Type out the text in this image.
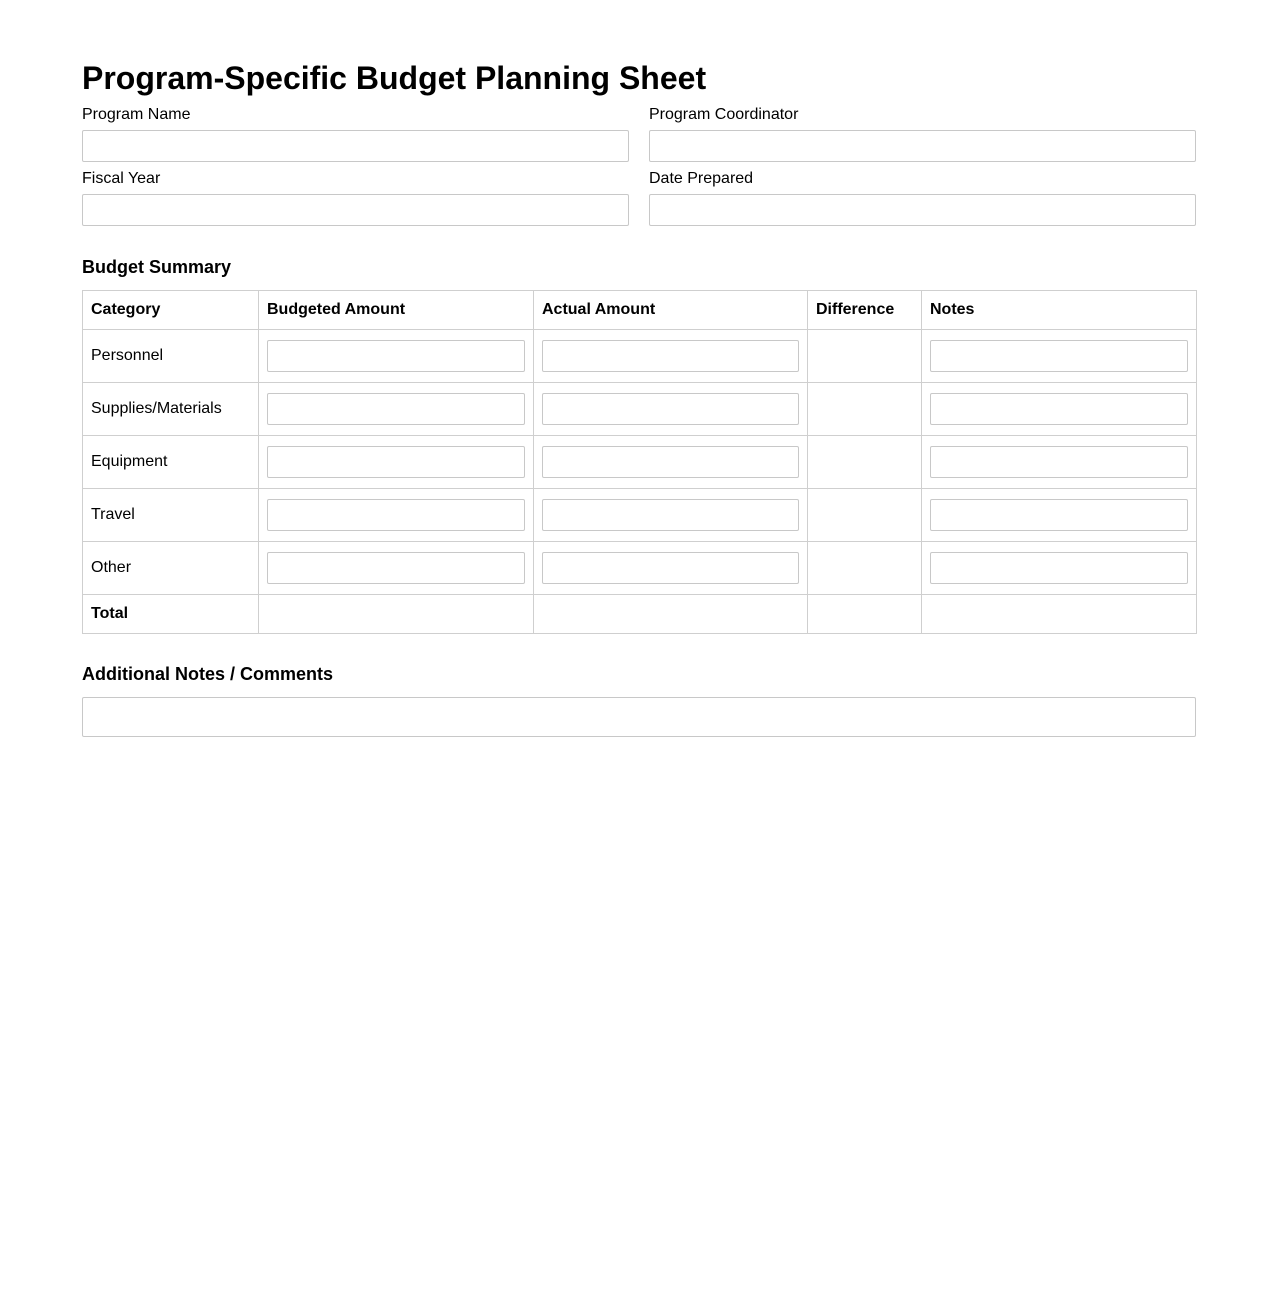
Program-Specific Budget Planning Sheet
Program Name	Program Coordinator
Fiscal Year	Date Prepared
Budget Summary
Category	Budgeted Amount	Actual Amount	Difference	Notes
Personnel	

Supplies/Materials	

Equipment	

Travel	

Other	

Total				
Additional Notes / Comments
